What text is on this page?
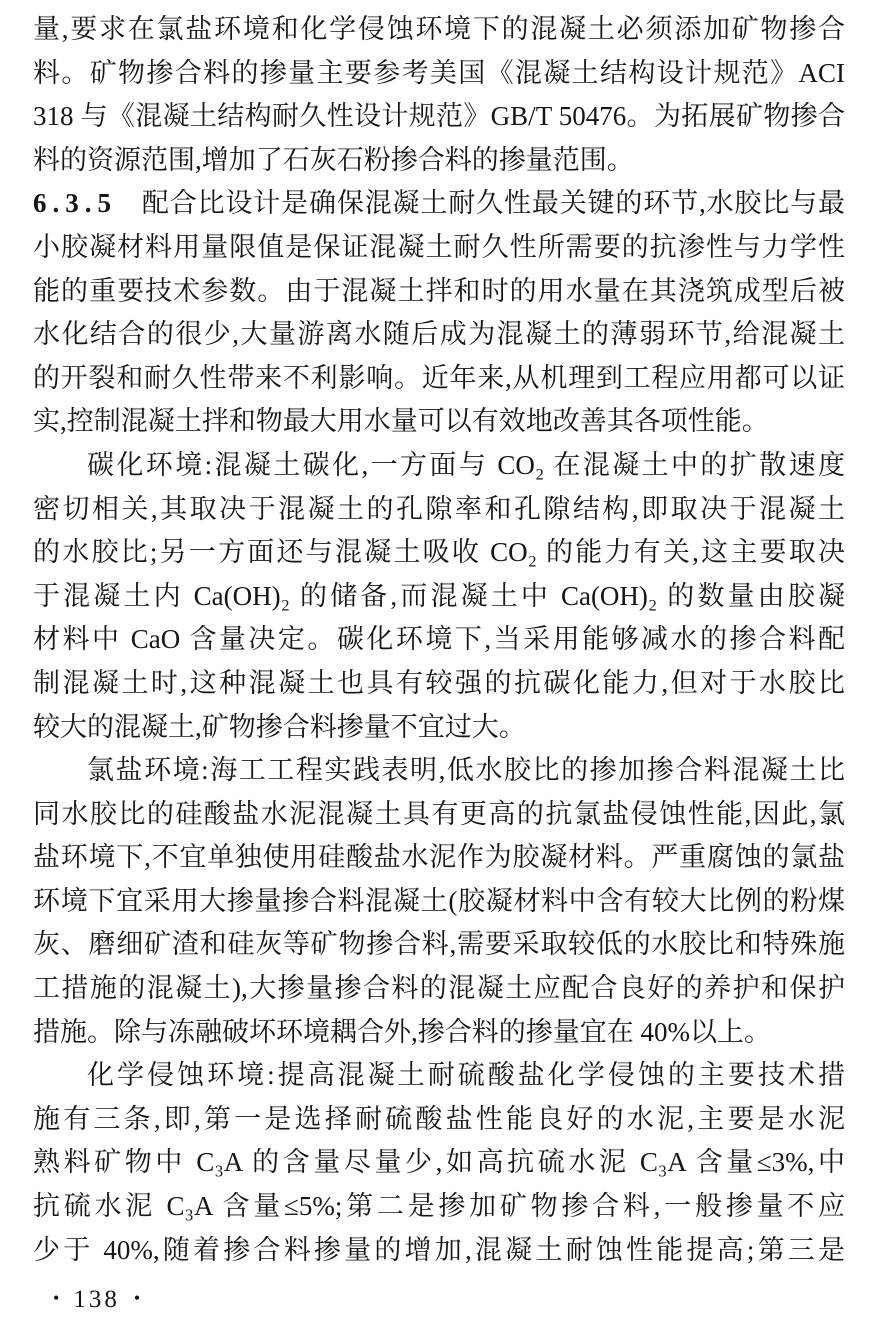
量,要求在氯盐环境和化学侵蚀环境下的混凝土必须添加矿物掺合
料。矿物掺合料的掺量主要参考美国《混凝土结构设计规范》ACI
318 与《混凝土结构耐久性设计规范》GB/T 50476。为拓展矿物掺合
料的资源范围,增加了石灰石粉掺合料的掺量范围。
6.3.5 配合比设计是确保混凝土耐久性最关键的环节,水胶比与最
小胶凝材料用量限值是保证混凝土耐久性所需要的抗渗性与力学性
能的重要技术参数。由于混凝土拌和时的用水量在其浇筑成型后被
水化结合的很少,大量游离水随后成为混凝土的薄弱环节,给混凝土
的开裂和耐久性带来不利影响。近年来,从机理到工程应用都可以证
实,控制混凝土拌和物最大用水量可以有效地改善其各项性能。
碳化环境:混凝土碳化,一方面与 CO₂ 在混凝土中的扩散速度
密切相关,其取决于混凝土的孔隙率和孔隙结构,即取决于混凝土
的水胶比;另一方面还与混凝土吸收 CO₂ 的能力有关,这主要取决
于混凝土内 Ca(OH)₂ 的储备,而混凝土中 Ca(OH)₂ 的数量由胶凝
材料中 CaO 含量决定。碳化环境下,当采用能够减水的掺合料配
制混凝土时,这种混凝土也具有较强的抗碳化能力,但对于水胶比
较大的混凝土,矿物掺合料掺量不宜过大。
氯盐环境:海工工程实践表明,低水胶比的掺加掺合料混凝土比
同水胶比的硅酸盐水泥混凝土具有更高的抗氯盐侵蚀性能,因此,氯
盐环境下,不宜单独使用硅酸盐水泥作为胶凝材料。严重腐蚀的氯盐
环境下宜采用大掺量掺合料混凝土(胶凝材料中含有较大比例的粉煤
灰、磨细矿渣和硅灰等矿物掺合料,需要采取较低的水胶比和特殊施
工措施的混凝土),大掺量掺合料的混凝土应配合良好的养护和保护
措施。除与冻融破坏环境耦合外,掺合料的掺量宜在 40%以上。
化学侵蚀环境:提高混凝土耐硫酸盐化学侵蚀的主要技术措
施有三条,即,第一是选择耐硫酸盐性能良好的水泥,主要是水泥
熟料矿物中 C₃A 的含量尽量少,如高抗硫水泥 C₃A 含量≤3%,中
抗硫水泥 C₃A 含量≤5%;第二是掺加矿物掺合料,一般掺量不应
少于 40%,随着掺合料掺量的增加,混凝土耐蚀性能提高;第三是
• 138 •
